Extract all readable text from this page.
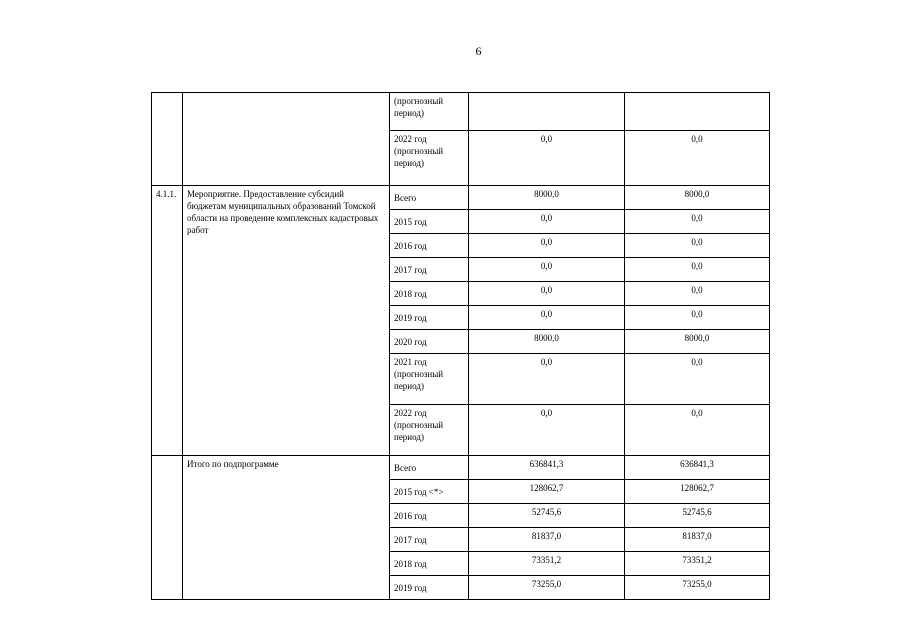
6
		(прогнозный период)		
		2022 год (прогнозный период)	0,0	0,0
4.1.1.	Мероприятие. Предоставление субсидий бюджетам муниципальных образований Томской области на проведение комплексных кадастровых работ	Всего	8000,0	8000,0
		2015 год	0,0	0,0
		2016 год	0,0	0,0
		2017 год	0,0	0,0
		2018 год	0,0	0,0
		2019 год	0,0	0,0
		2020 год	8000,0	8000,0
		2021 год (прогнозный период)	0,0	0,0
		2022 год (прогнозный период)	0,0	0,0
	Итого по подпрограмме	Всего	636841,3	636841,3
		2015 год <*>	128062,7	128062,7
		2016 год	52745,6	52745,6
		2017 год	81837,0	81837,0
		2018 год	73351,2	73351,2
		2019 год	73255,0	73255,0
